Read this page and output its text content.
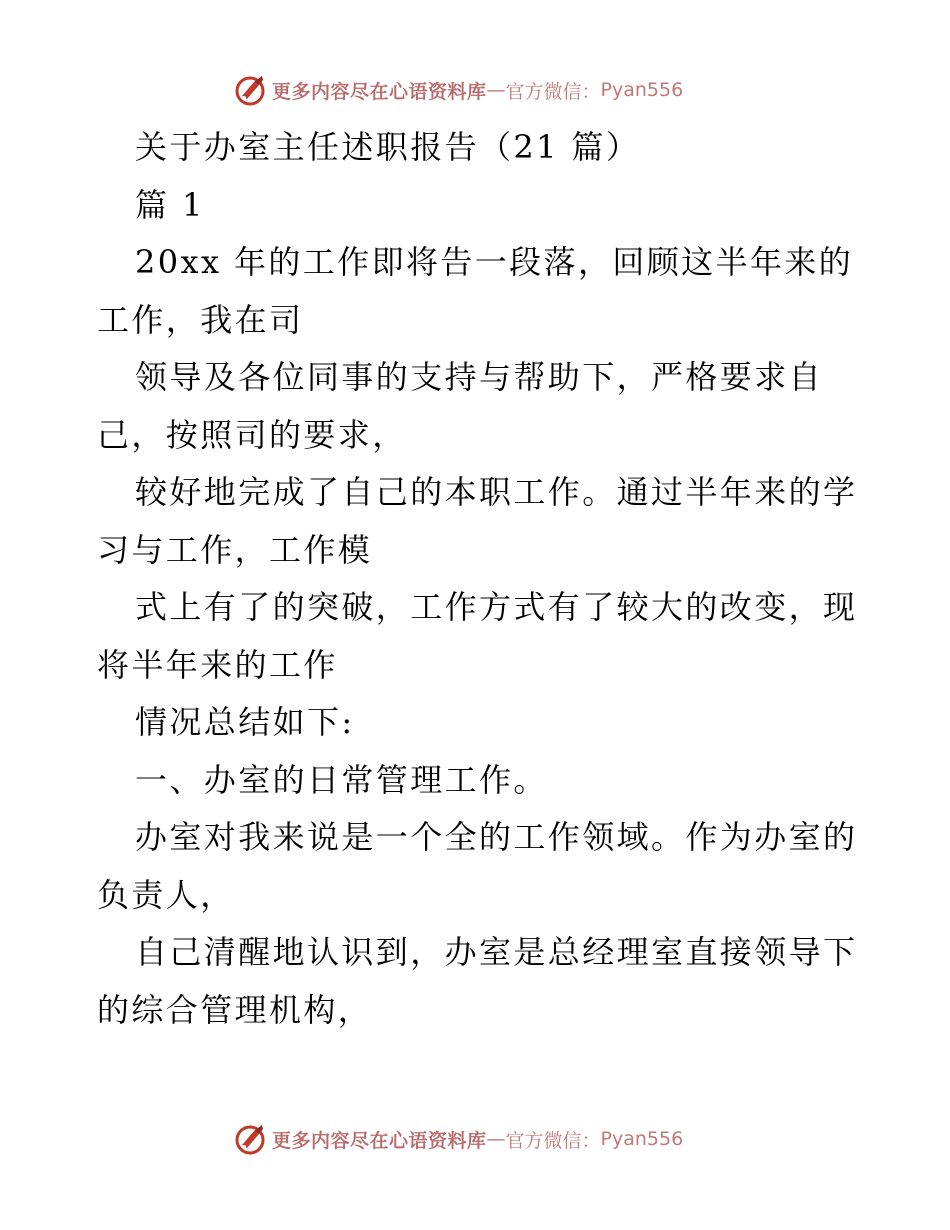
更多内容尽在心语资料库 — 官方微信： Pyan556

关于办室主任述职报告（21 篇）

篇 1

20xx 年的工作即将告一段落，回顾这半年来的

工作，我在司

领导及各位同事的支持与帮助下，严格要求自

己，按照司的要求，

较好地完成了自己的本职工作。通过半年来的学

习与工作，工作模

式上有了的突破，工作方式有了较大的改变，现

将半年来的工作

情况总结如下:

一、办室的日常管理工作。

办室对我来说是一个全的工作领域。作为办室的

负责人，

自己清醒地认识到，办室是总经理室直接领导下

的综合管理机构，

更多内容尽在心语资料库 — 官方微信： Pyan556
